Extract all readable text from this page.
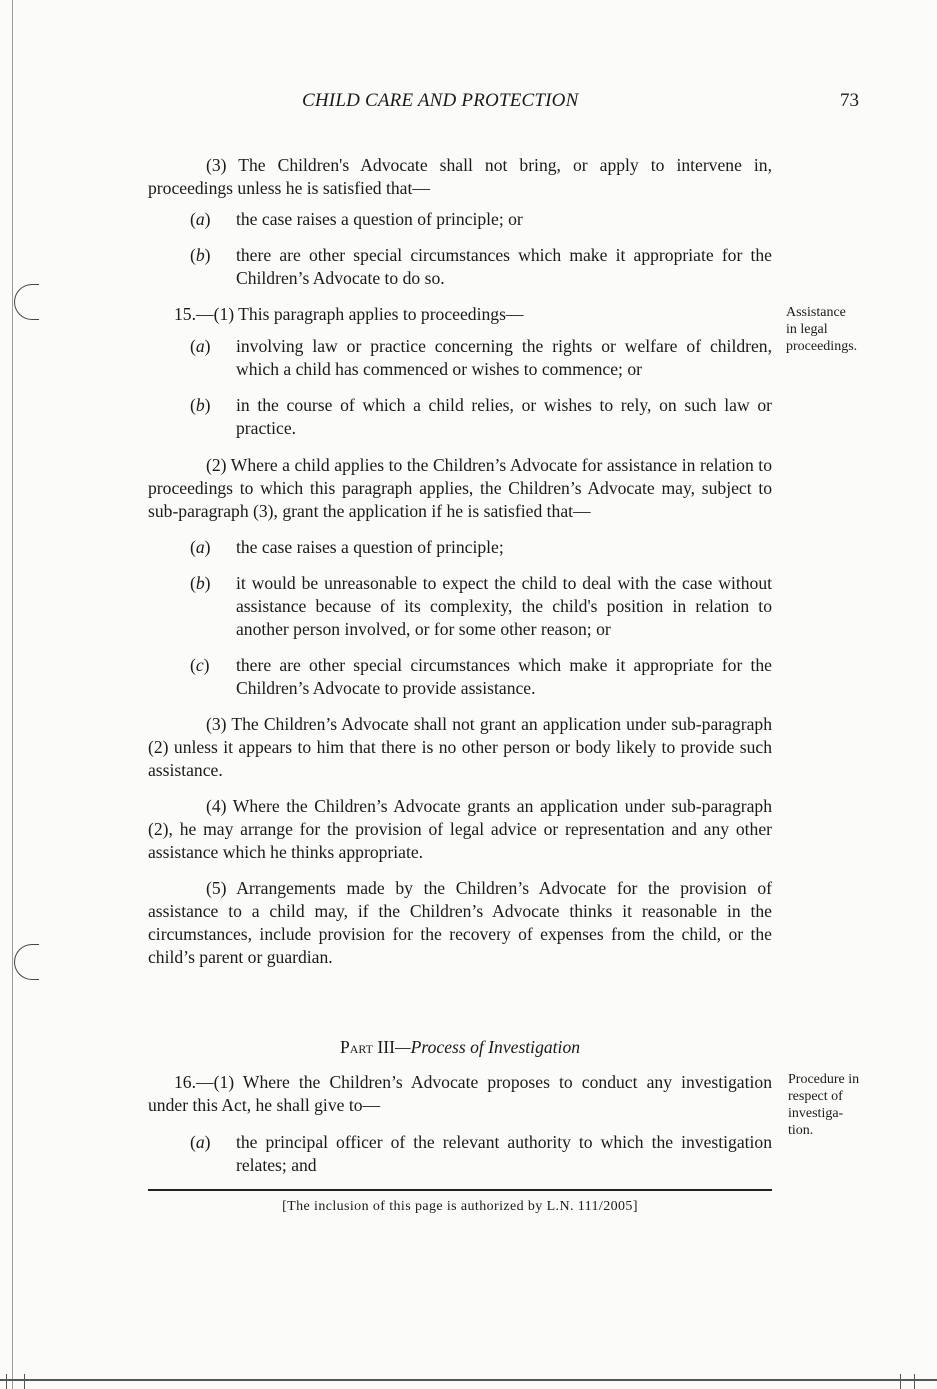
CHILD CARE AND PROTECTION	73

(3) The Children's Advocate shall not bring, or apply to intervene in, proceedings unless he is satisfied that—

(a) the case raises a question of principle; or

(b) there are other special circumstances which make it appropriate for the Children’s Advocate to do so.

15.—(1) This paragraph applies to proceedings—

(a) involving law or practice concerning the rights or welfare of children, which a child has commenced or wishes to commence; or

(b) in the course of which a child relies, or wishes to rely, on such law or practice.

(2) Where a child applies to the Children’s Advocate for assistance in relation to proceedings to which this paragraph applies, the Children’s Advocate may, subject to sub-paragraph (3), grant the application if he is satisfied that—

(a) the case raises a question of principle;

(b) it would be unreasonable to expect the child to deal with the case without assistance because of its complexity, the child's position in relation to another person involved, or for some other reason; or

(c) there are other special circumstances which make it appropriate for the Children’s Advocate to provide assistance.

(3) The Children’s Advocate shall not grant an application under sub-paragraph (2) unless it appears to him that there is no other person or body likely to provide such assistance.

(4) Where the Children’s Advocate grants an application under sub-paragraph (2), he may arrange for the provision of legal advice or representation and any other assistance which he thinks appropriate.

(5) Arrangements made by the Children’s Advocate for the provision of assistance to a child may, if the Children’s Advocate thinks it reasonable in the circumstances, include provision for the recovery of expenses from the child, or the child’s parent or guardian.

Part III—Process of Investigation

16.—(1) Where the Children’s Advocate proposes to conduct any investigation under this Act, he shall give to—

(a) the principal officer of the relevant authority to which the investigation relates; and

Assistance
in legal
proceedings.
Procedure in
respect of
investiga-
tion.
[The inclusion of this page is authorized by L.N. 111/2005]
